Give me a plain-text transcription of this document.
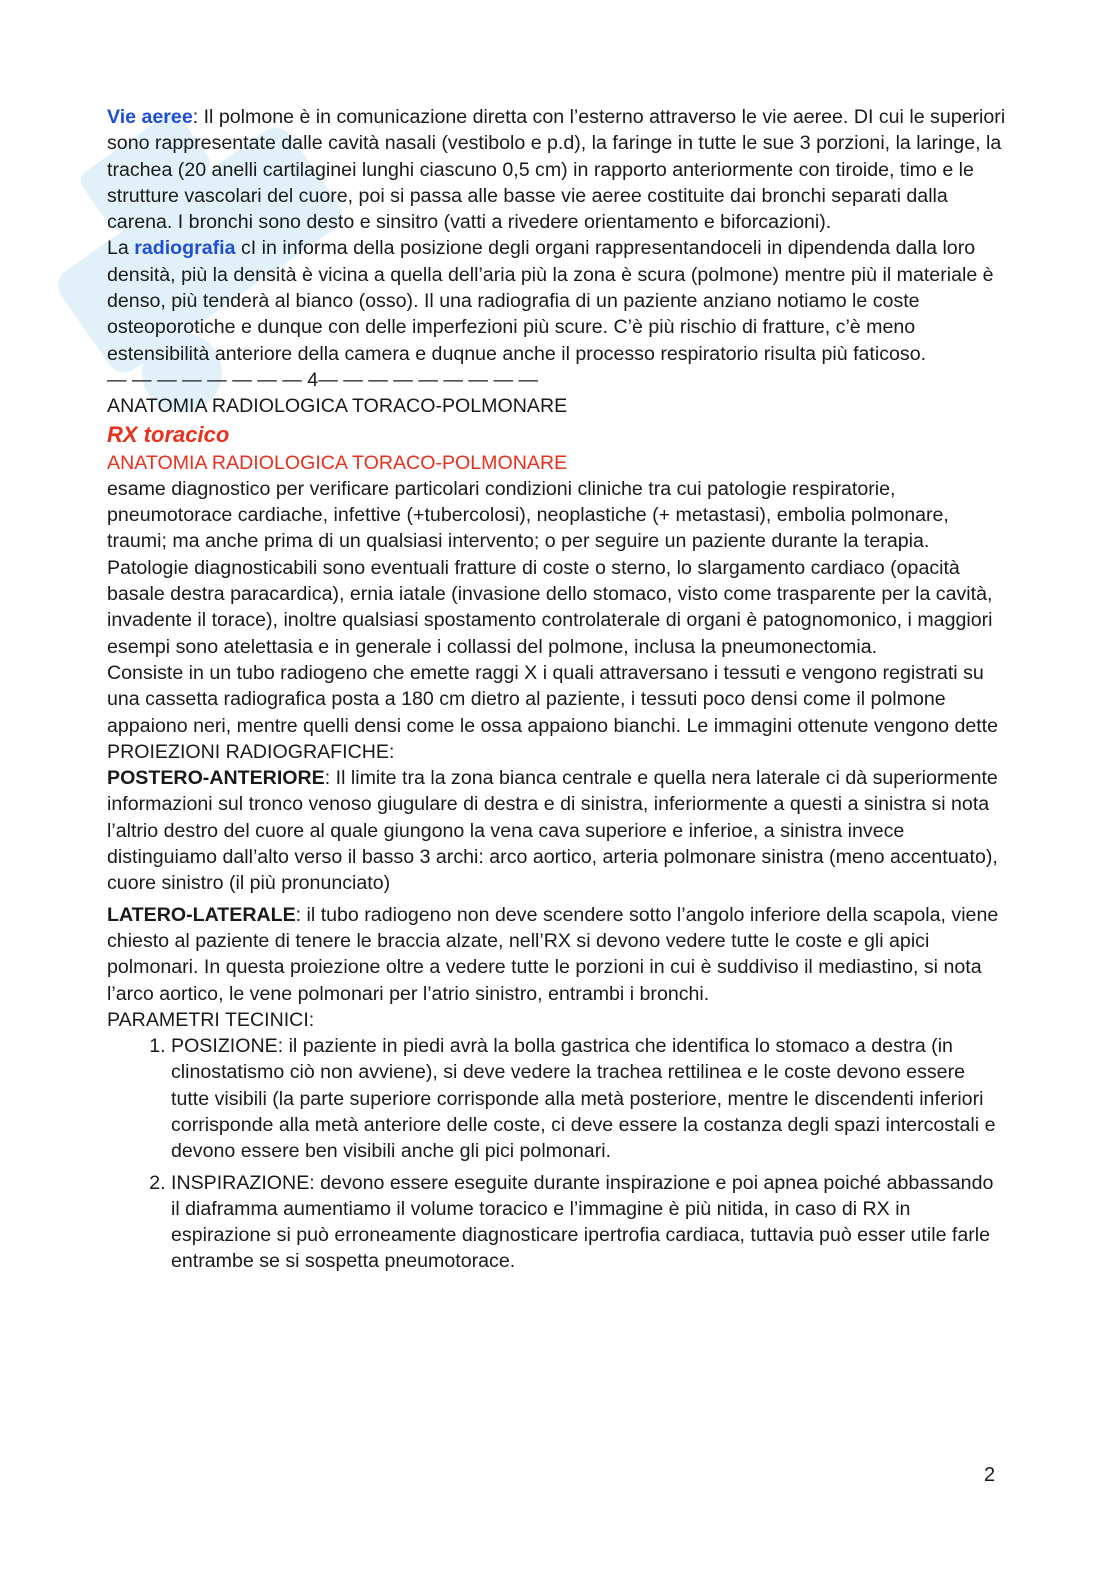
Vie aeree: Il polmone è in comunicazione diretta con l’esterno attraverso le vie aeree. DI cui le superiori sono rappresentate dalle cavità nasali (vestibolo e p.d), la faringe in tutte le sue 3 porzioni, la laringe, la trachea (20 anelli cartilaginei lunghi ciascuno 0,5 cm) in rapporto anteriormente con tiroide, timo e le strutture vascolari del cuore, poi si passa alle basse vie aeree costituite dai bronchi separati dalla carena. I bronchi sono desto e sinsitro (vatti a rivedere orientamento e biforcazioni).

La radiografia cI in informa della posizione degli organi rappresentandoceli in dipendenda dalla loro densità, più la densità è vicina a quella dell’aria più la zona è scura (polmone) mentre più il materiale è denso, più tenderà al bianco (osso). Il una radiografia di un paziente anziano notiamo le coste osteoporotiche e dunque con delle imperfezioni più scure. C’è più rischio di fratture, c’è meno estensibilità anteriore della camera e duqnue anche il processo respiratorio risulta più faticoso.

— — — — — — — — 4— — — — — — — — —

ANATOMIA RADIOLOGICA TORACO-POLMONARE

RX toracico

ANATOMIA RADIOLOGICA TORACO-POLMONARE

esame diagnostico per verificare particolari condizioni cliniche tra cui patologie respiratorie, pneumotorace cardiache, infettive (+tubercolosi), neoplastiche (+ metastasi), embolia polmonare, traumi; ma anche prima di un qualsiasi intervento; o per seguire un paziente durante la terapia. Patologie diagnosticabili sono eventuali fratture di coste o sterno, lo slargamento cardiaco (opacità basale destra paracardica), ernia iatale (invasione dello stomaco, visto come trasparente per la cavità, invadente il torace), inoltre qualsiasi spostamento controlaterale di organi è patognomonico, i maggiori esempi sono atelettasia e in generale i collassi del polmone, inclusa la pneumonectomia.

Consiste in un tubo radiogeno che emette raggi X i quali attraversano i tessuti e vengono registrati su una cassetta radiografica posta a 180 cm dietro al paziente, i tessuti poco densi come il polmone appaiono neri, mentre quelli densi come le ossa appaiono bianchi. Le immagini ottenute vengono dette PROIEZIONI RADIOGRAFICHE:

POSTERO-ANTERIORE: Il limite tra la zona bianca centrale e quella nera laterale ci dà superiormente informazioni sul tronco venoso giugulare di destra e di sinistra, inferiormente a questi a sinistra si nota l’altrio destro del cuore al quale giungono la vena cava superiore e inferioe, a sinistra invece distinguiamo dall’alto verso il basso 3 archi: arco aortico, arteria polmonare sinistra (meno accentuato), cuore sinistro (il più pronunciato)

LATERO-LATERALE: il tubo radiogeno non deve scendere sotto l’angolo inferiore della scapola, viene chiesto al paziente di tenere le braccia alzate, nell’RX si devono vedere tutte le coste e gli apici polmonari. In questa proiezione oltre a vedere tutte le porzioni in cui è suddiviso il mediastino, si nota l’arco aortico, le vene polmonari per l’atrio sinistro, entrambi i bronchi.

PARAMETRI TECINICI:

1. POSIZIONE: il paziente in piedi avrà la bolla gastrica che identifica lo stomaco a destra (in clinostatismo ciò non avviene), si deve vedere la trachea rettilinea e le coste devono essere tutte visibili (la parte superiore corrisponde alla metà posteriore, mentre le discendenti inferiori corrisponde alla metà anteriore delle coste, ci deve essere la costanza degli spazi intercostali e devono essere ben visibili anche gli pici polmonari.
2. INSPIRAZIONE: devono essere eseguite durante inspirazione e poi apnea poiché abbassando il diaframma aumentiamo il volume toracico e l’immagine è più nitida, in caso di RX in espirazione si può erroneamente diagnosticare ipertrofia cardiaca, tuttavia può esser utile farle entrambe se si sospetta pneumotorace.
2
